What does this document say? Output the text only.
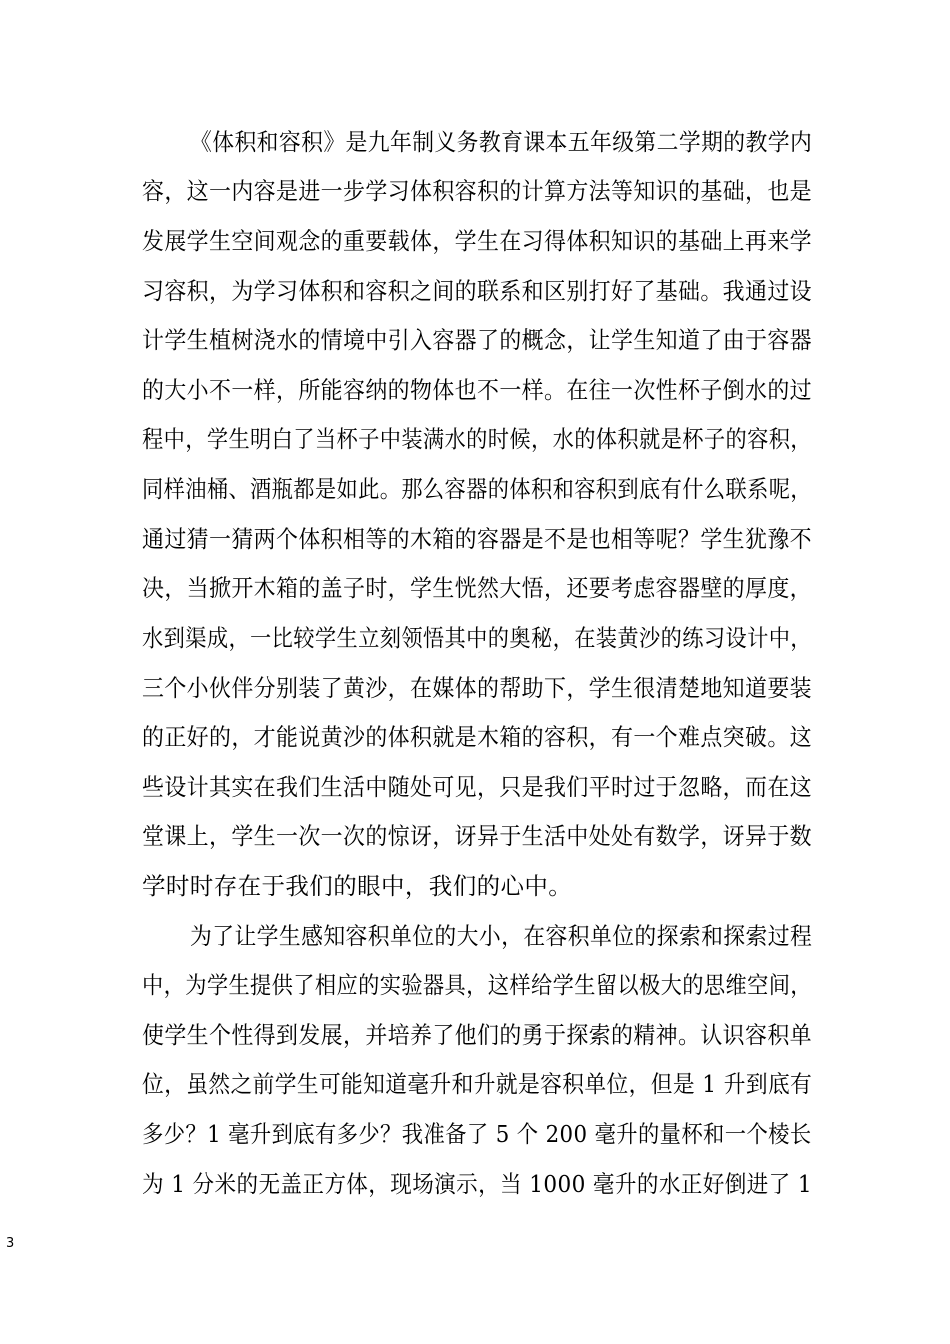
《体积和容积》是九年制义务教育课本五年级第二学期的教学内
容，这一内容是进一步学习体积容积的计算方法等知识的基础，也是
发展学生空间观念的重要载体，学生在习得体积知识的基础上再来学
习容积，为学习体积和容积之间的联系和区别打好了基础。我通过设
计学生植树浇水的情境中引入容器了的概念，让学生知道了由于容器
的大小不一样，所能容纳的物体也不一样。在往一次性杯子倒水的过
程中，学生明白了当杯子中装满水的时候，水的体积就是杯子的容积，
同样油桶、酒瓶都是如此。那么容器的体积和容积到底有什么联系呢，
通过猜一猜两个体积相等的木箱的容器是不是也相等呢？学生犹豫不
决，当掀开木箱的盖子时，学生恍然大悟，还要考虑容器壁的厚度，
水到渠成，一比较学生立刻领悟其中的奥秘，在装黄沙的练习设计中，
三个小伙伴分别装了黄沙，在媒体的帮助下，学生很清楚地知道要装
的正好的，才能说黄沙的体积就是木箱的容积，有一个难点突破。这
些设计其实在我们生活中随处可见，只是我们平时过于忽略，而在这
堂课上，学生一次一次的惊讶，讶异于生活中处处有数学，讶异于数
学时时存在于我们的眼中，我们的心中。
为了让学生感知容积单位的大小，在容积单位的探索和探索过程
中，为学生提供了相应的实验器具，这样给学生留以极大的思维空间，
使学生个性得到发展，并培养了他们的勇于探索的精神。认识容积单
位，虽然之前学生可能知道毫升和升就是容积单位，但是 1 升到底有
多少？1 毫升到底有多少？我准备了 5 个 200 毫升的量杯和一个棱长
为 1 分米的无盖正方体，现场演示，当 1000 毫升的水正好倒进了 1
3
